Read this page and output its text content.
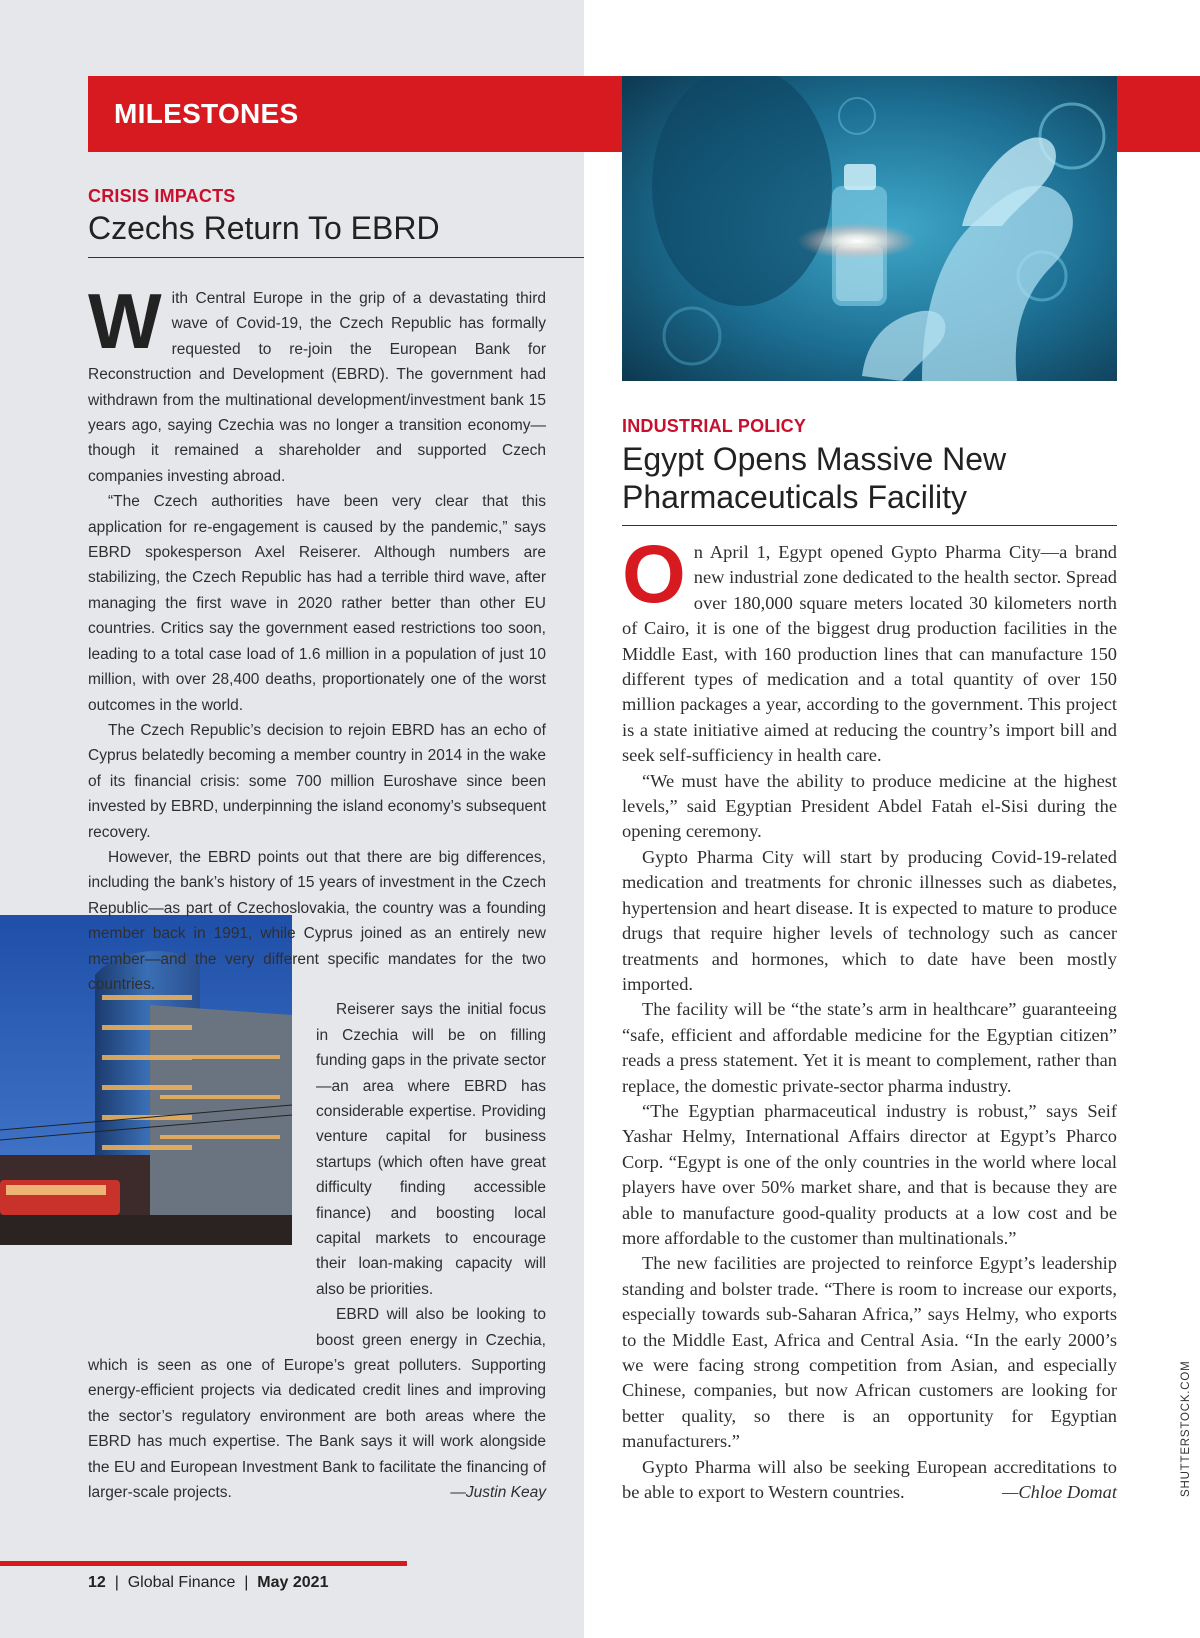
MILESTONES
CRISIS IMPACTS
Czechs Return To EBRD

With Central Europe in the grip of a devastating third wave of Covid-19, the Czech Republic has formally requested to re-join the European Bank for Reconstruction and Development (EBRD). The government had withdrawn from the multinational development/investment bank 15 years ago, saying Czechia was no longer a transition economy—though it remained a shareholder and supported Czech companies investing abroad.

“The Czech authorities have been very clear that this application for re-engagement is caused by the pandemic,” says EBRD spokesperson Axel Reiserer. Although numbers are stabilizing, the Czech Republic has had a terrible third wave, after managing the first wave in 2020 rather better than other EU countries. Critics say the government eased restrictions too soon, leading to a total case load of 1.6 million in a population of just 10 million, with over 28,400 deaths, proportionately one of the worst outcomes in the world.

The Czech Republic’s decision to rejoin EBRD has an echo of Cyprus belatedly becoming a member country in 2014 in the wake of its financial crisis: some 700 million Euroshave since been invested by EBRD, underpinning the island economy’s subsequent recovery.

However, the EBRD points out that there are big differences, including the bank’s history of 15 years of investment in the Czech Republic—as part of Czechoslovakia, the country was a founding member back in 1991, while Cyprus joined as an entirely new member—and the very different specific mandates for the two countries.

Reiserer says the initial focus in Czechia will be on filling funding gaps in the private sector—an area where EBRD has considerable expertise. Providing venture capital for business startups (which often have great difficulty finding accessible finance) and boosting local capital markets to encourage their loan-making capacity will also be priorities.

EBRD will also be looking to boost green energy in Czechia, which is seen as one of Europe’s great polluters. Supporting energy-efficient projects via dedicated credit lines and improving the sector’s regulatory environment are both areas where the EBRD has much expertise. The Bank says it will work alongside the EU and European Investment Bank to facilitate the financing of larger-scale projects.	—Justin Keay

INDUSTRIAL POLICY
Egypt Opens Massive New
Pharmaceuticals Facility

On April 1, Egypt opened Gypto Pharma City—a brand new industrial zone dedicated to the health sector. Spread over 180,000 square meters located 30 kilometers north of Cairo, it is one of the biggest drug production facilities in the Middle East, with 160 production lines that can manufacture 150 different types of medication and a total quantity of over 150 million packages a year, according to the government. This project is a state initiative aimed at reducing the country’s import bill and seek self-sufficiency in health care.

“We must have the ability to produce medicine at the highest levels,” said Egyptian President Abdel Fatah el-Sisi during the opening ceremony.

Gypto Pharma City will start by producing Covid-19-related medication and treatments for chronic illnesses such as diabetes, hypertension and heart disease. It is expected to mature to produce drugs that require higher levels of technology such as cancer treatments and hormones, which to date have been mostly imported.

The facility will be “the state’s arm in healthcare” guaranteeing “safe, efficient and affordable medicine for the Egyptian citizen” reads a press statement. Yet it is meant to complement, rather than replace, the domestic private-sector pharma industry.

“The Egyptian pharmaceutical industry is robust,” says Seif Yashar Helmy, International Affairs director at Egypt’s Pharco Corp. “Egypt is one of the only countries in the world where local players have over 50% market share, and that is because they are able to manufacture good-quality products at a low cost and be more affordable to the customer than multinationals.”

The new facilities are projected to reinforce Egypt’s leadership standing and bolster trade. “There is room to increase our exports, especially towards sub-Saharan Africa,” says Helmy, who exports to the Middle East, Africa and Central Asia. “In the early 2000’s we were facing strong competition from Asian, and especially Chinese, companies, but now African customers are looking for better quality, so there is an opportunity for Egyptian manufacturers.”

Gypto Pharma will also be seeking European accreditations to be able to export to Western countries.	—Chloe Domat	SHUTTERSTOCK.COM
12 | Global Finance | May 2021
